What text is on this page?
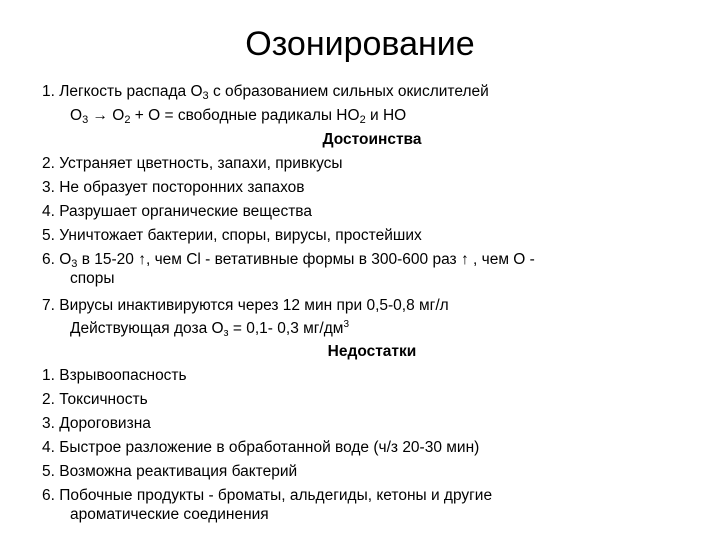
Озонирование
1. Легкость распада $О_3$ с образованием сильных окислителей
$О_3 \to О_2 + О$ = свободные радикалы $НО_2$ и НО
Достоинства
2. Устраняет цветность, запахи, привкусы
3. Не образует посторонних запахов
4. Разрушает органические вещества
5. Уничтожает бактерии, споры, вирусы, простейших
6. $О_3$ в 15-20 ↑, чем Cl - ветативные формы в 300-600 раз ↑ , чем О -
споры
7. Вирусы инактивируются через 12 мин при 0,5-0,8 мг/л
Действующая доза $О_з = 0,1-$ 0,3 $мг/дм^3$
Недостатки
1. Взрывоопасность
2. Токсичность
3. Дороговизна
4. Быстрое разложение в обработанной воде (ч/з 20-30 мин)
5. Возможна реактивация бактерий
6. Побочные продукты - броматы, альдегиды, кетоны и другие
ароматические соединения
